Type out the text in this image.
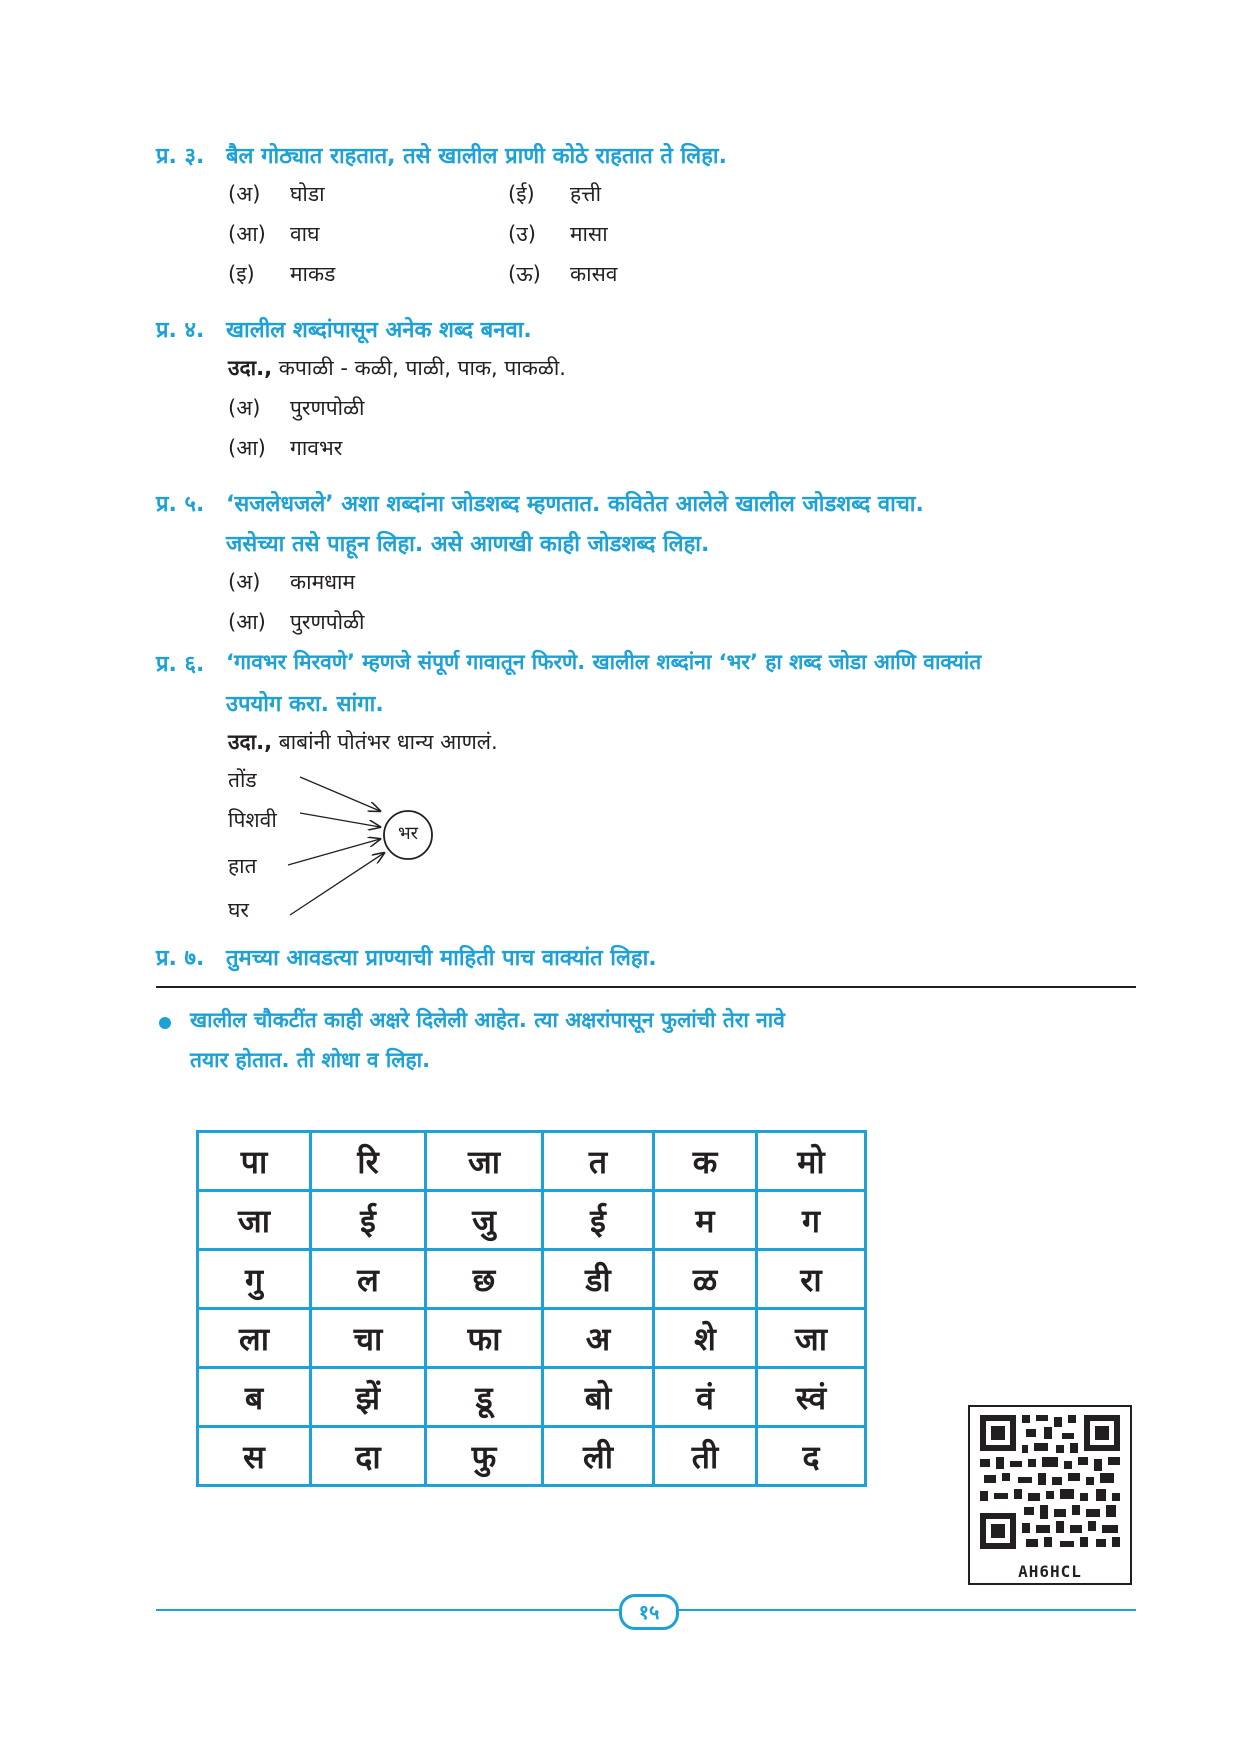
प्र. ३. बैल गोठ्यात राहतात, तसे खालील प्राणी कोठे राहतात ते लिहा.
(अ) घोडा	(ई) हत्ती
(आ) वाघ	(उ) मासा
(इ) माकड	(ऊ) कासव
प्र. ४. खालील शब्दांपासून अनेक शब्द बनवा.
उदा., कपाळी - कळी, पाळी, पाक, पाकळी.
(अ) पुरणपोळी
(आ) गावभर
प्र. ५. ‘सजलेधजले’ अशा शब्दांना जोडशब्द म्हणतात. कवितेत आलेले खालील जोडशब्द वाचा.
जसेच्या तसे पाहून लिहा. असे आणखी काही जोडशब्द लिहा.
(अ) कामधाम
(आ) पुरणपोळी
प्र. ६. ‘गावभर मिरवणे’ म्हणजे संपूर्ण गावातून फिरणे. खालील शब्दांना ‘भर’ हा शब्द जोडा आणि वाक्यांत
उपयोग करा. सांगा.
उदा., बाबांनी पोतंभर धान्य आणलं.
तोंड
पिशवी
हात
घर
भर
प्र. ७. तुमच्या आवडत्या प्राण्याची माहिती पाच वाक्यांत लिहा.
खालील चौकटींत काही अक्षरे दिलेली आहेत. त्या अक्षरांपासून फुलांची तेरा नावे
तयार होतात. ती शोधा व लिहा.
पा	रि	जा	त	क	मो
जा	ई	जु	ई	म	ग
गु	ल	छ	डी	ळ	रा
ला	चा	फा	अ	शे	जा
ब	झें	डू	बो	वं	स्वं
स	दा	फु	ली	ती	द
AH6HCL
१५
